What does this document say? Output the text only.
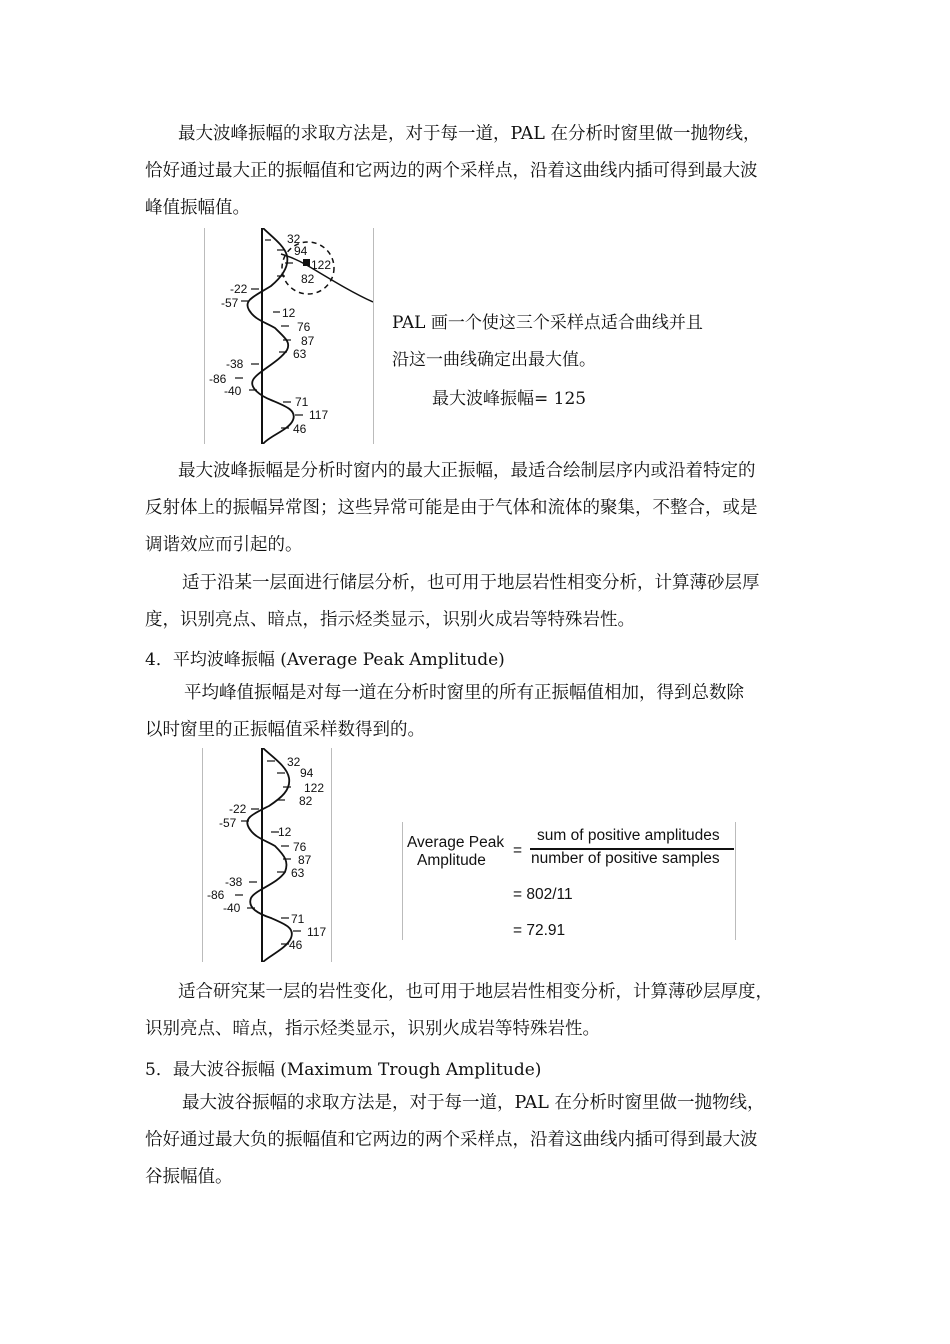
最大波峰振幅的求取方法是，对于每一道，PAL 在分析时窗里做一抛物线，
恰好通过最大正的振幅值和它两边的两个采样点，沿着这曲线内插可得到最大波
峰值振幅值。
32
94
122
82
-22
-57
12
76
87
63
-38
-86
-40
71
117
46
PAL 画一个使这三个采样点适合曲线并且
沿这一曲线确定出最大值。
最大波峰振幅= 125
最大波峰振幅是分析时窗内的最大正振幅，最适合绘制层序内或沿着特定的
反射体上的振幅异常图；这些异常可能是由于气体和流体的聚集，不整合，或是
调谐效应而引起的。
适于沿某一层面进行储层分析，也可用于地层岩性相变分析，计算薄砂层厚
度，识别亮点、暗点，指示烃类显示，识别火成岩等特殊岩性。
4．平均波峰振幅 (Average Peak Amplitude)
平均峰值振幅是对每一道在分析时窗里的所有正振幅值相加，得到总数除
以时窗里的正振幅值采样数得到的。
32
94
122
82
-22
-57
12
76
87
63
-38
-86
-40
71
117
46
Average Peak
Amplitude
=
sum of positive amplitudes
number of positive samples
= 802/11
= 72.91
适合研究某一层的岩性变化，也可用于地层岩性相变分析，计算薄砂层厚度，
识别亮点、暗点，指示烃类显示，识别火成岩等特殊岩性。
5．最大波谷振幅 (Maximum Trough Amplitude)
最大波谷振幅的求取方法是，对于每一道，PAL 在分析时窗里做一抛物线，
恰好通过最大负的振幅值和它两边的两个采样点，沿着这曲线内插可得到最大波
谷振幅值。
